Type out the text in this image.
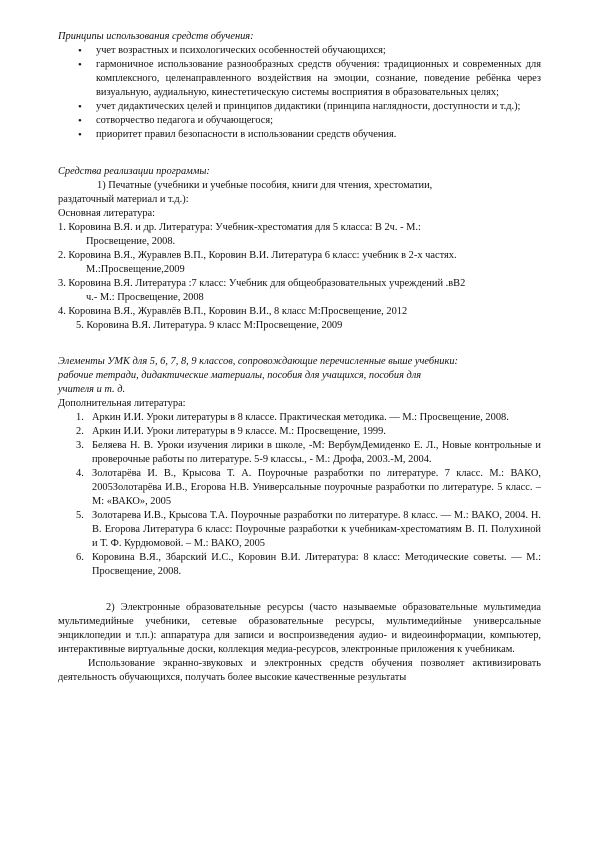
Принципы использования средств обучения:

• учет возрастных и психологических особенностей обучающихся;
• гармоничное использование разнообразных средств обучения: традиционных и современных для комплексного, целенаправленного воздействия на эмоции, сознание, поведение ребёнка через визуальную, аудиальную, кинестетическую системы восприятия в образовательных целях;
• учет дидактических целей и принципов дидактики (принципа наглядности, доступности и т.д.);
• сотворчество педагога и обучающегося;
• приоритет правил безопасности в использовании средств обучения.

Средства реализации программы:

1) Печатные (учебники и учебные пособия, книги для чтения, хрестоматии,

раздаточный материал и т.д.):

Основная литература:

1. Коровина В.Я. и др. Литература: Учебник-хрестоматия для 5 класса: В 2ч. - М.:

Просвещение, 2008.

2. Коровина В.Я., Журавлев В.П., Коровин В.И. Литература 6 класс: учебник в 2-х частях.

М.:Просвещение,2009

3. Коровина В.Я. Литература :7 класс: Учебник для общеобразовательных учреждений .вВ2

ч.- М.: Просвещение, 2008

4. Коровина В.Я., Журавлёв В.П., Коровин В.И., 8 класс М:Просвещение, 2012

5. Коровина В.Я. Литература. 9 класс М:Просвещение, 2009

Элементы УМК для 5, 6, 7, 8, 9 классов, сопровождающие перечисленные выше учебники:

рабочие тетради, дидактические материалы, пособия для учащихся, пособия для

учителя и т. д.

Дополнительная литература:

1. Аркин И.И. Уроки литературы в 8 классе. Практическая методика. — М.: Просвещение, 2008.
2. Аркин И.И. Уроки литературы в 9 классе. М.: Просвещение, 1999.
3. Беляева Н. В. Уроки изучения лирики в школе, -М: ВербумДемиденко Е. Л., Новые контрольные и проверочные работы по литературе. 5-9 классы., - М.: Дрофа, 2003.-М, 2004.
4. Золотарёва И. В., Крысова Т. А. Поурочные разработки по литературе. 7 класс. М.: ВАКО, 2005Золотарёва И.В., Егорова Н.В. Универсальные поурочные разработки по литературе. 5 класс. – М: «ВАКО», 2005
5. Золотарева И.В., Крысова Т.А. Поурочные разработки по литературе. 8 класс. — М.: ВАКО, 2004. Н. В. Егорова Литература 6 класс: Поурочные разработки к учебникам-хрестоматиям В. П. Полухиной и Т. Ф. Курдюмовой. – М.: ВАКО, 2005
6. Коровина В.Я., Збарский И.С., Коровин В.И. Литература: 8 класс: Методические советы. — М.: Просвещение, 2008.

2) Электронные образовательные ресурсы (часто называемые образовательные мультимедиа мультимедийные учебники, сетевые образовательные ресурсы, мультимедийные универсальные энциклопедии и т.п.): аппаратура для записи и воспроизведения аудио- и видеоинформации, компьютер, интерактивные виртуальные доски, коллекция медиа-ресурсов, электронные приложения к учебникам.

Использование экранно-звуковых и электронных средств обучения позволяет активизировать деятельность обучающихся, получать более высокие качественные результаты
